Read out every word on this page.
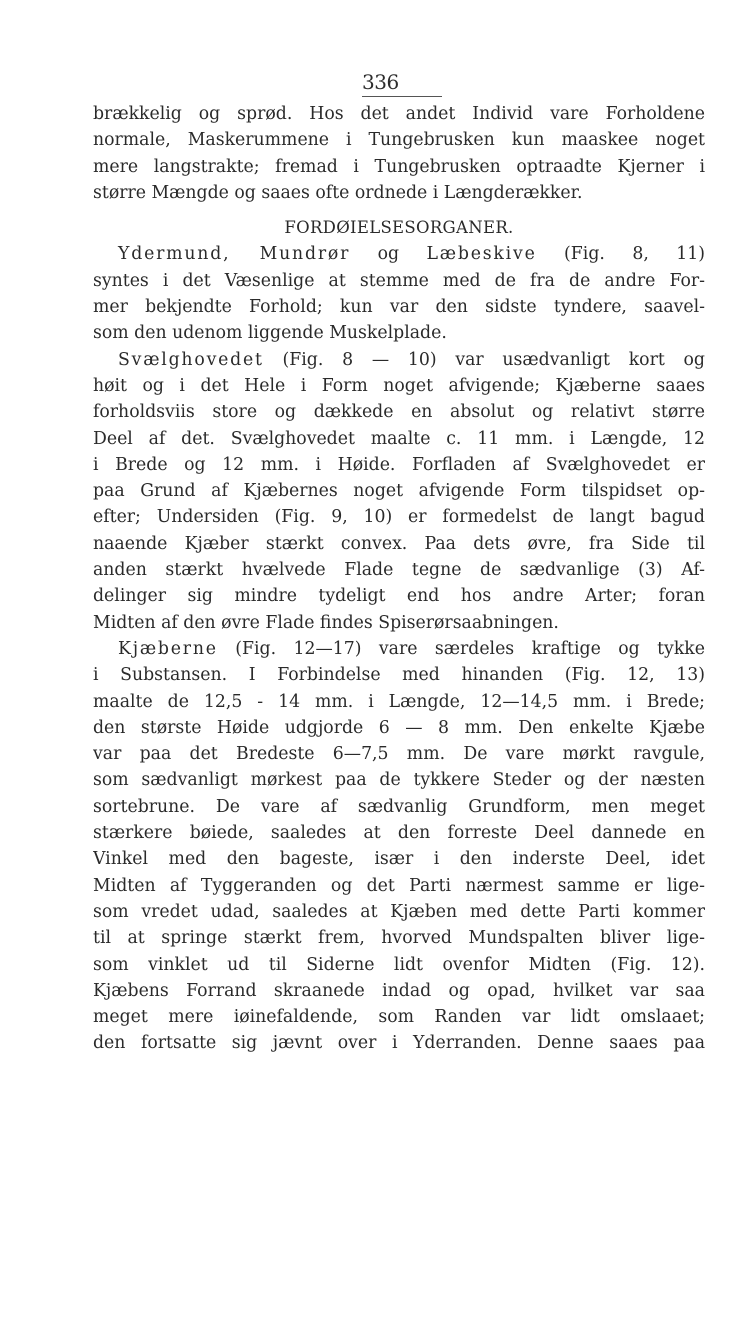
336
brækkelig og sprød. Hos det andet Individ vare Forholdene
normale, Maskerummene i Tungebrusken kun maaskee noget
mere langstrakte; fremad i Tungebrusken optraadte Kjerner i
større Mængde og saaes ofte ordnede i Længderækker.
FORDØIELSESORGANER.
Ydermund, Mundrør og Læbeskive (Fig. 8, 11)
syntes i det Væsenlige at stemme med de fra de andre For-
mer bekjendte Forhold; kun var den sidste tyndere, saavel-
som den udenom liggende Muskelplade.
Svælghovedet (Fig. 8 — 10) var usædvanligt kort og
høit og i det Hele i Form noget afvigende; Kjæberne saaes
forholdsviis store og dækkede en absolut og relativt større
Deel af det. Svælghovedet maalte c. 11 mm. i Længde, 12
i Brede og 12 mm. i Høide. Forfladen af Svælghovedet er
paa Grund af Kjæbernes noget afvigende Form tilspidset op-
efter; Undersiden (Fig. 9, 10) er formedelst de langt bagud
naaende Kjæber stærkt convex. Paa dets øvre, fra Side til
anden stærkt hvælvede Flade tegne de sædvanlige (3) Af-
delinger sig mindre tydeligt end hos andre Arter; foran
Midten af den øvre Flade findes Spiserørsaabningen.
Kjæberne (Fig. 12—17) vare særdeles kraftige og tykke
i Substansen. I Forbindelse med hinanden (Fig. 12, 13)
maalte de 12,5 - 14 mm. i Længde, 12—14,5 mm. i Brede;
den største Høide udgjorde 6 — 8 mm. Den enkelte Kjæbe
var paa det Bredeste 6—7,5 mm. De vare mørkt ravgule,
som sædvanligt mørkest paa de tykkere Steder og der næsten
sortebrune. De vare af sædvanlig Grundform, men meget
stærkere bøiede, saaledes at den forreste Deel dannede en
Vinkel med den bageste, især i den inderste Deel, idet
Midten af Tyggeranden og det Parti nærmest samme er lige-
som vredet udad, saaledes at Kjæben med dette Parti kommer
til at springe stærkt frem, hvorved Mundspalten bliver lige-
som vinklet ud til Siderne lidt ovenfor Midten (Fig. 12).
Kjæbens Forrand skraanede indad og opad, hvilket var saa
meget mere iøinefaldende, som Randen var lidt omslaaet;
den fortsatte sig jævnt over i Yderranden. Denne saaes paa
